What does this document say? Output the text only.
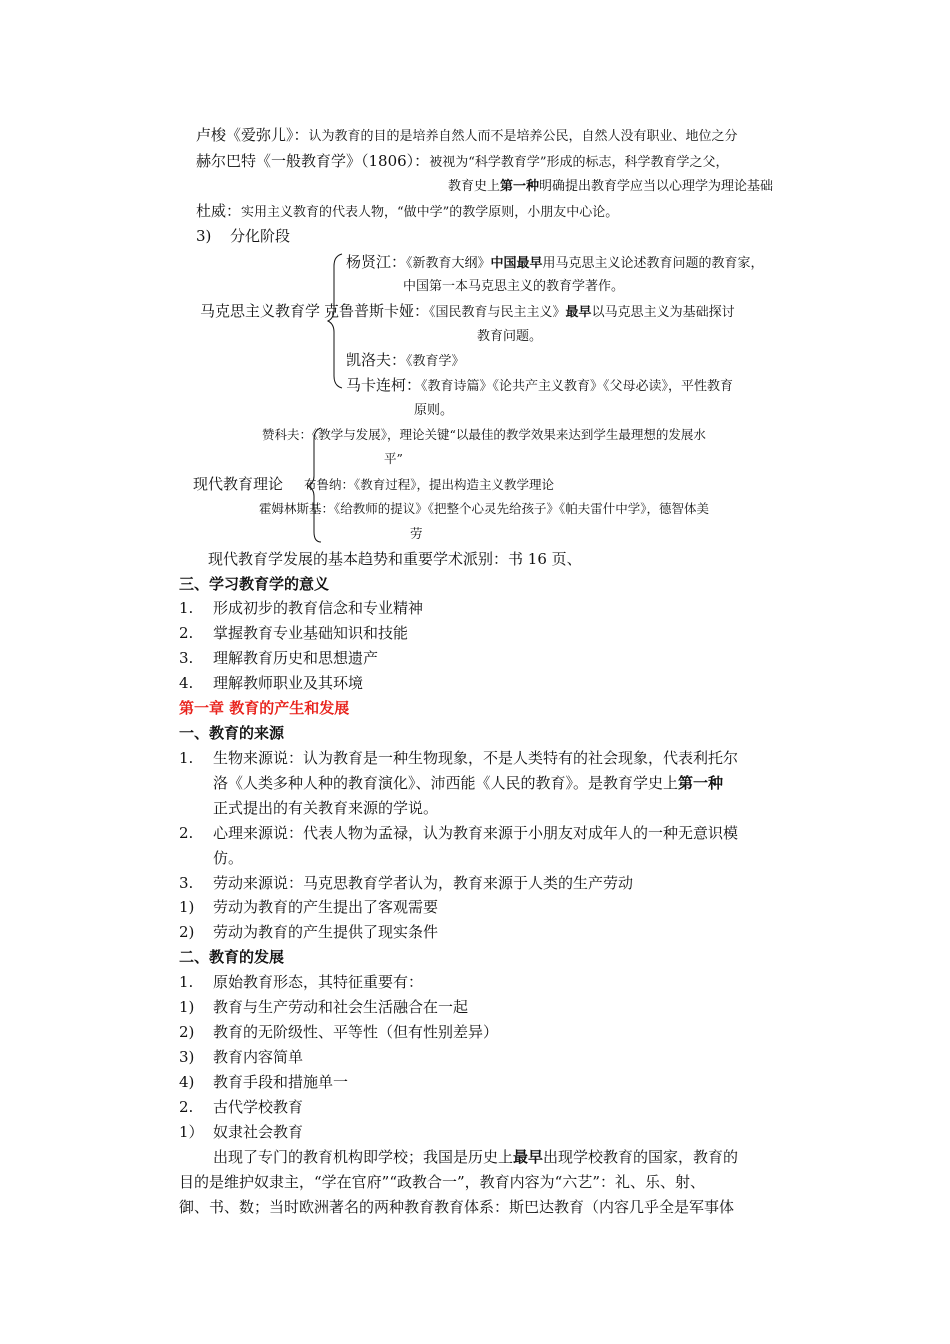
卢梭《爱弥儿》：认为教育的目的是培养自然人而不是培养公民，自然人没有职业、地位之分
赫尔巴特《一般教育学》（1806）：被视为“科学教育学”形成的标志，科学教育学之父，
教育史上第一种明确提出教育学应当以心理学为理论基础
杜威：实用主义教育的代表人物，“做中学”的教学原则，小朋友中心论。
3) 分化阶段
杨贤江：《新教育大纲》中国最早用马克思主义论述教育问题的教育家，
中国第一本马克思主义的教育学著作。
马克思主义教育学 克鲁普斯卡娅：《国民教育与民主主义》最早以马克思主义为基础探讨
教育问题。
凯洛夫：《教育学》
马卡连柯：《教育诗篇》《论共产主义教育》《父母必读》，平性教育
原则。
赞科夫：《教学与发展》，理论关键“以最佳的教学效果来达到学生最理想的发展水
平”
现代教育理论 布鲁纳：《教育过程》，提出构造主义教学理论
霍姆林斯基：《给教师的提议》《把整个心灵先给孩子》《帕夫雷什中学》，德智体美
劳
现代教育学发展的基本趋势和重要学术派别：书 16 页、
三、学习教育学的意义
1. 形成初步的教育信念和专业精神
2. 掌握教育专业基础知识和技能
3. 理解教育历史和思想遗产
4. 理解教师职业及其环境
第一章 教育的产生和发展
一、教育的来源
1. 生物来源说：认为教育是一种生物现象，不是人类特有的社会现象，代表利托尔
洛《人类多种人种的教育演化》、沛西能《人民的教育》。是教育学史上第一种
正式提出的有关教育来源的学说。
2. 心理来源说：代表人物为孟禄，认为教育来源于小朋友对成年人的一种无意识模
仿。
3. 劳动来源说：马克思教育学者认为，教育来源于人类的生产劳动
1) 劳动为教育的产生提出了客观需要
2) 劳动为教育的产生提供了现实条件
二、教育的发展
1. 原始教育形态，其特征重要有：
1) 教育与生产劳动和社会生活融合在一起
2) 教育的无阶级性、平等性（但有性别差异）
3) 教育内容简单
4) 教育手段和措施单一
2. 古代学校教育
1） 奴隶社会教育
出现了专门的教育机构即学校；我国是历史上最早出现学校教育的国家，教育的
目的是维护奴隶主，“学在官府”“政教合一”，教育内容为“六艺”：礼、乐、射、
御、书、数；当时欧洲著名的两种教育教育体系：斯巴达教育（内容几乎全是军事体
